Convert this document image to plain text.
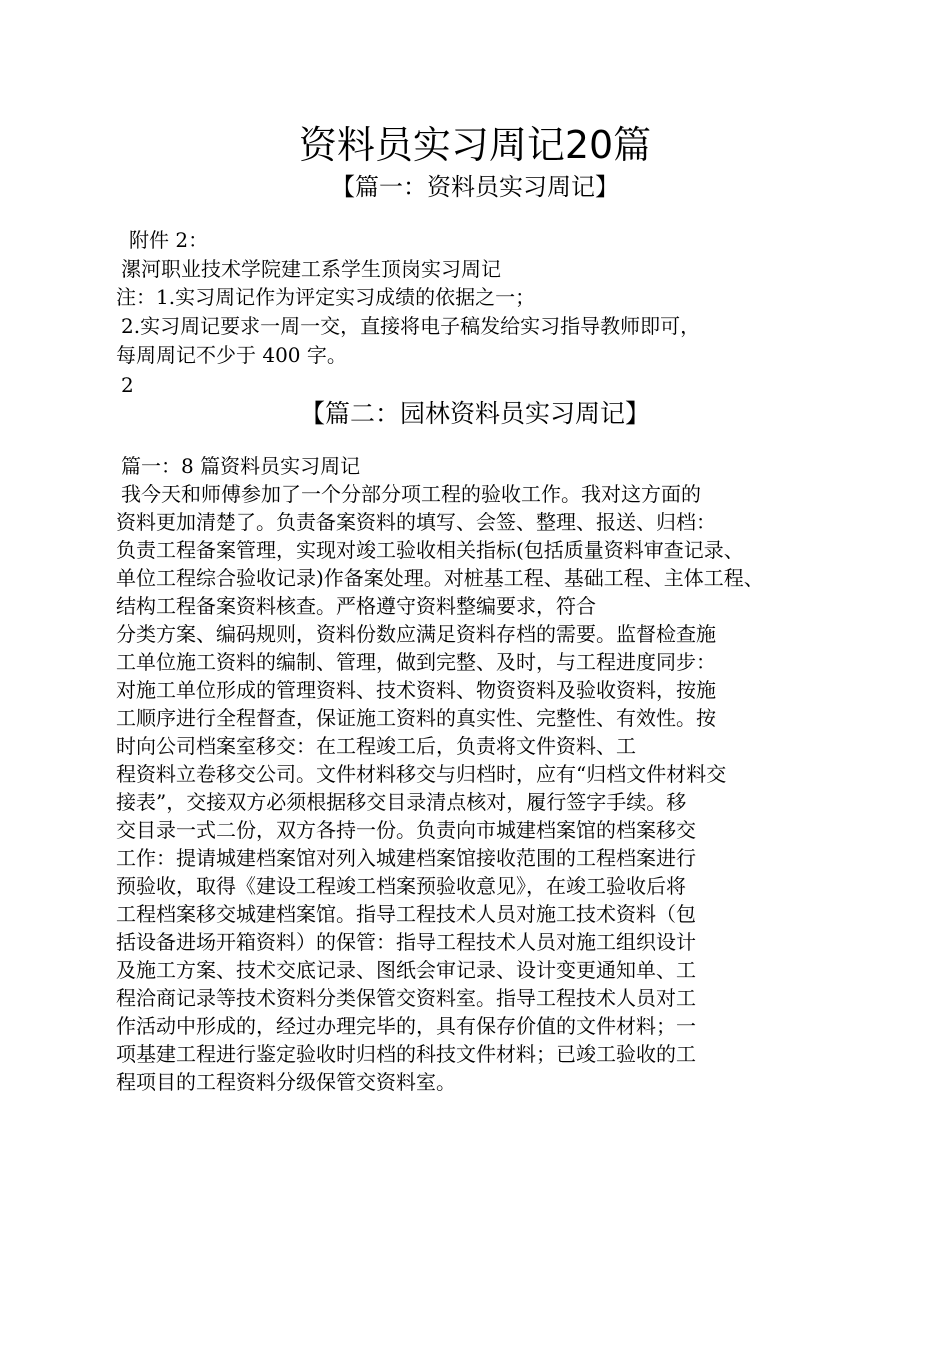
资料员实习周记20篇
【篇一：资料员实习周记】
附件 2：
漯河职业技术学院建工系学生顶岗实习周记
注：1.实习周记作为评定实习成绩的依据之一；
2.实习周记要求一周一交，直接将电子稿发给实习指导教师即可，
每周周记不少于 400 字。
2
【篇二：园林资料员实习周记】
篇一：8 篇资料员实习周记
我今天和师傅参加了一个分部分项工程的验收工作。我对这方面的
资料更加清楚了。负责备案资料的填写、会签、整理、报送、归档：
负责工程备案管理，实现对竣工验收相关指标(包括质量资料审查记录、
单位工程综合验收记录)作备案处理。对桩基工程、基础工程、主体工程、
结构工程备案资料核查。严格遵守资料整编要求，符合
分类方案、编码规则，资料份数应满足资料存档的需要。监督检查施
工单位施工资料的编制、管理，做到完整、及时，与工程进度同步：
对施工单位形成的管理资料、技术资料、物资资料及验收资料，按施
工顺序进行全程督查，保证施工资料的真实性、完整性、有效性。按
时向公司档案室移交：在工程竣工后，负责将文件资料、工
程资料立卷移交公司。文件材料移交与归档时，应有“归档文件材料交
接表”，交接双方必须根据移交目录清点核对，履行签字手续。移
交目录一式二份，双方各持一份。负责向市城建档案馆的档案移交
工作：提请城建档案馆对列入城建档案馆接收范围的工程档案进行
预验收，取得《建设工程竣工档案预验收意见》，在竣工验收后将
工程档案移交城建档案馆。指导工程技术人员对施工技术资料（包
括设备进场开箱资料）的保管：指导工程技术人员对施工组织设计
及施工方案、技术交底记录、图纸会审记录、设计变更通知单、工
程洽商记录等技术资料分类保管交资料室。指导工程技术人员对工
作活动中形成的，经过办理完毕的，具有保存价值的文件材料；一
项基建工程进行鉴定验收时归档的科技文件材料；已竣工验收的工
程项目的工程资料分级保管交资料室。
